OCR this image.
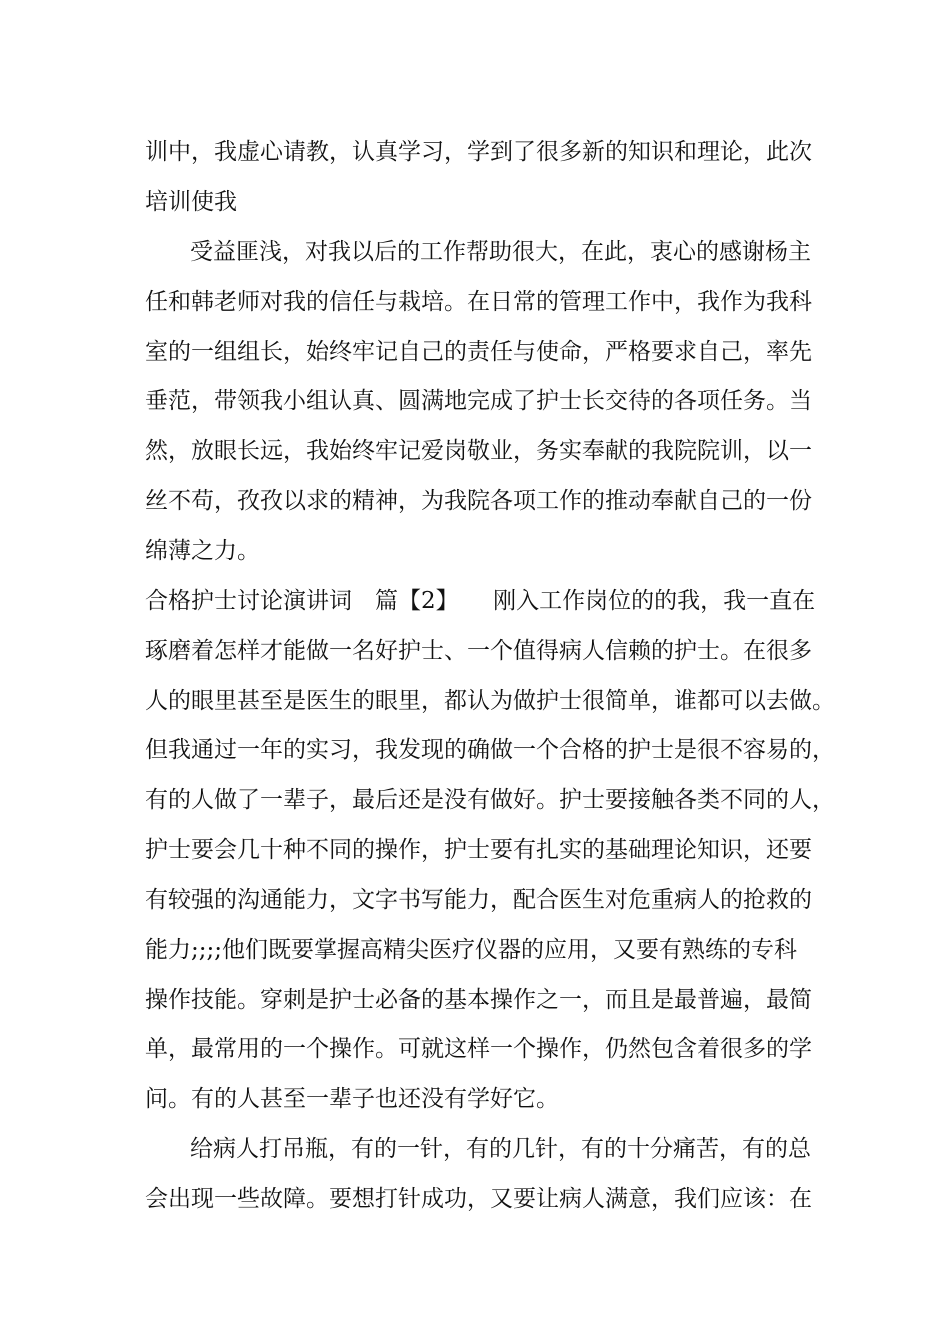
训中，我虚心请教，认真学习，学到了很多新的知识和理论，此次

培训使我

受益匪浅，对我以后的工作帮助很大，在此，衷心的感谢杨主

任和韩老师对我的信任与栽培。在日常的管理工作中，我作为我科

室的一组组长，始终牢记自己的责任与使命，严格要求自己，率先

垂范，带领我小组认真、圆满地完成了护士长交待的各项任务。当

然，放眼长远，我始终牢记爱岗敬业，务实奉献的我院院训，以一

丝不苟，孜孜以求的精神，为我院各项工作的推动奉献自己的一份

绵薄之力。

合格护士讨论演讲词　篇【2】　　刚入工作岗位的的我，我一直在

琢磨着怎样才能做一名好护士、一个值得病人信赖的护士。在很多

人的眼里甚至是医生的眼里，都认为做护士很简单，谁都可以去做。

但我通过一年的实习，我发现的确做一个合格的护士是很不容易的，

有的人做了一辈子，最后还是没有做好。护士要接触各类不同的人，

护士要会几十种不同的操作，护士要有扎实的基础理论知识，还要

有较强的沟通能力，文字书写能力，配合医生对危重病人的抢救的

能力;;;;他们既要掌握高精尖医疗仪器的应用，又要有熟练的专科

操作技能。穿刺是护士必备的基本操作之一，而且是最普遍，最简

单，最常用的一个操作。可就这样一个操作，仍然包含着很多的学

问。有的人甚至一辈子也还没有学好它。

给病人打吊瓶，有的一针，有的几针，有的十分痛苦，有的总

会出现一些故障。要想打针成功，又要让病人满意，我们应该：在
